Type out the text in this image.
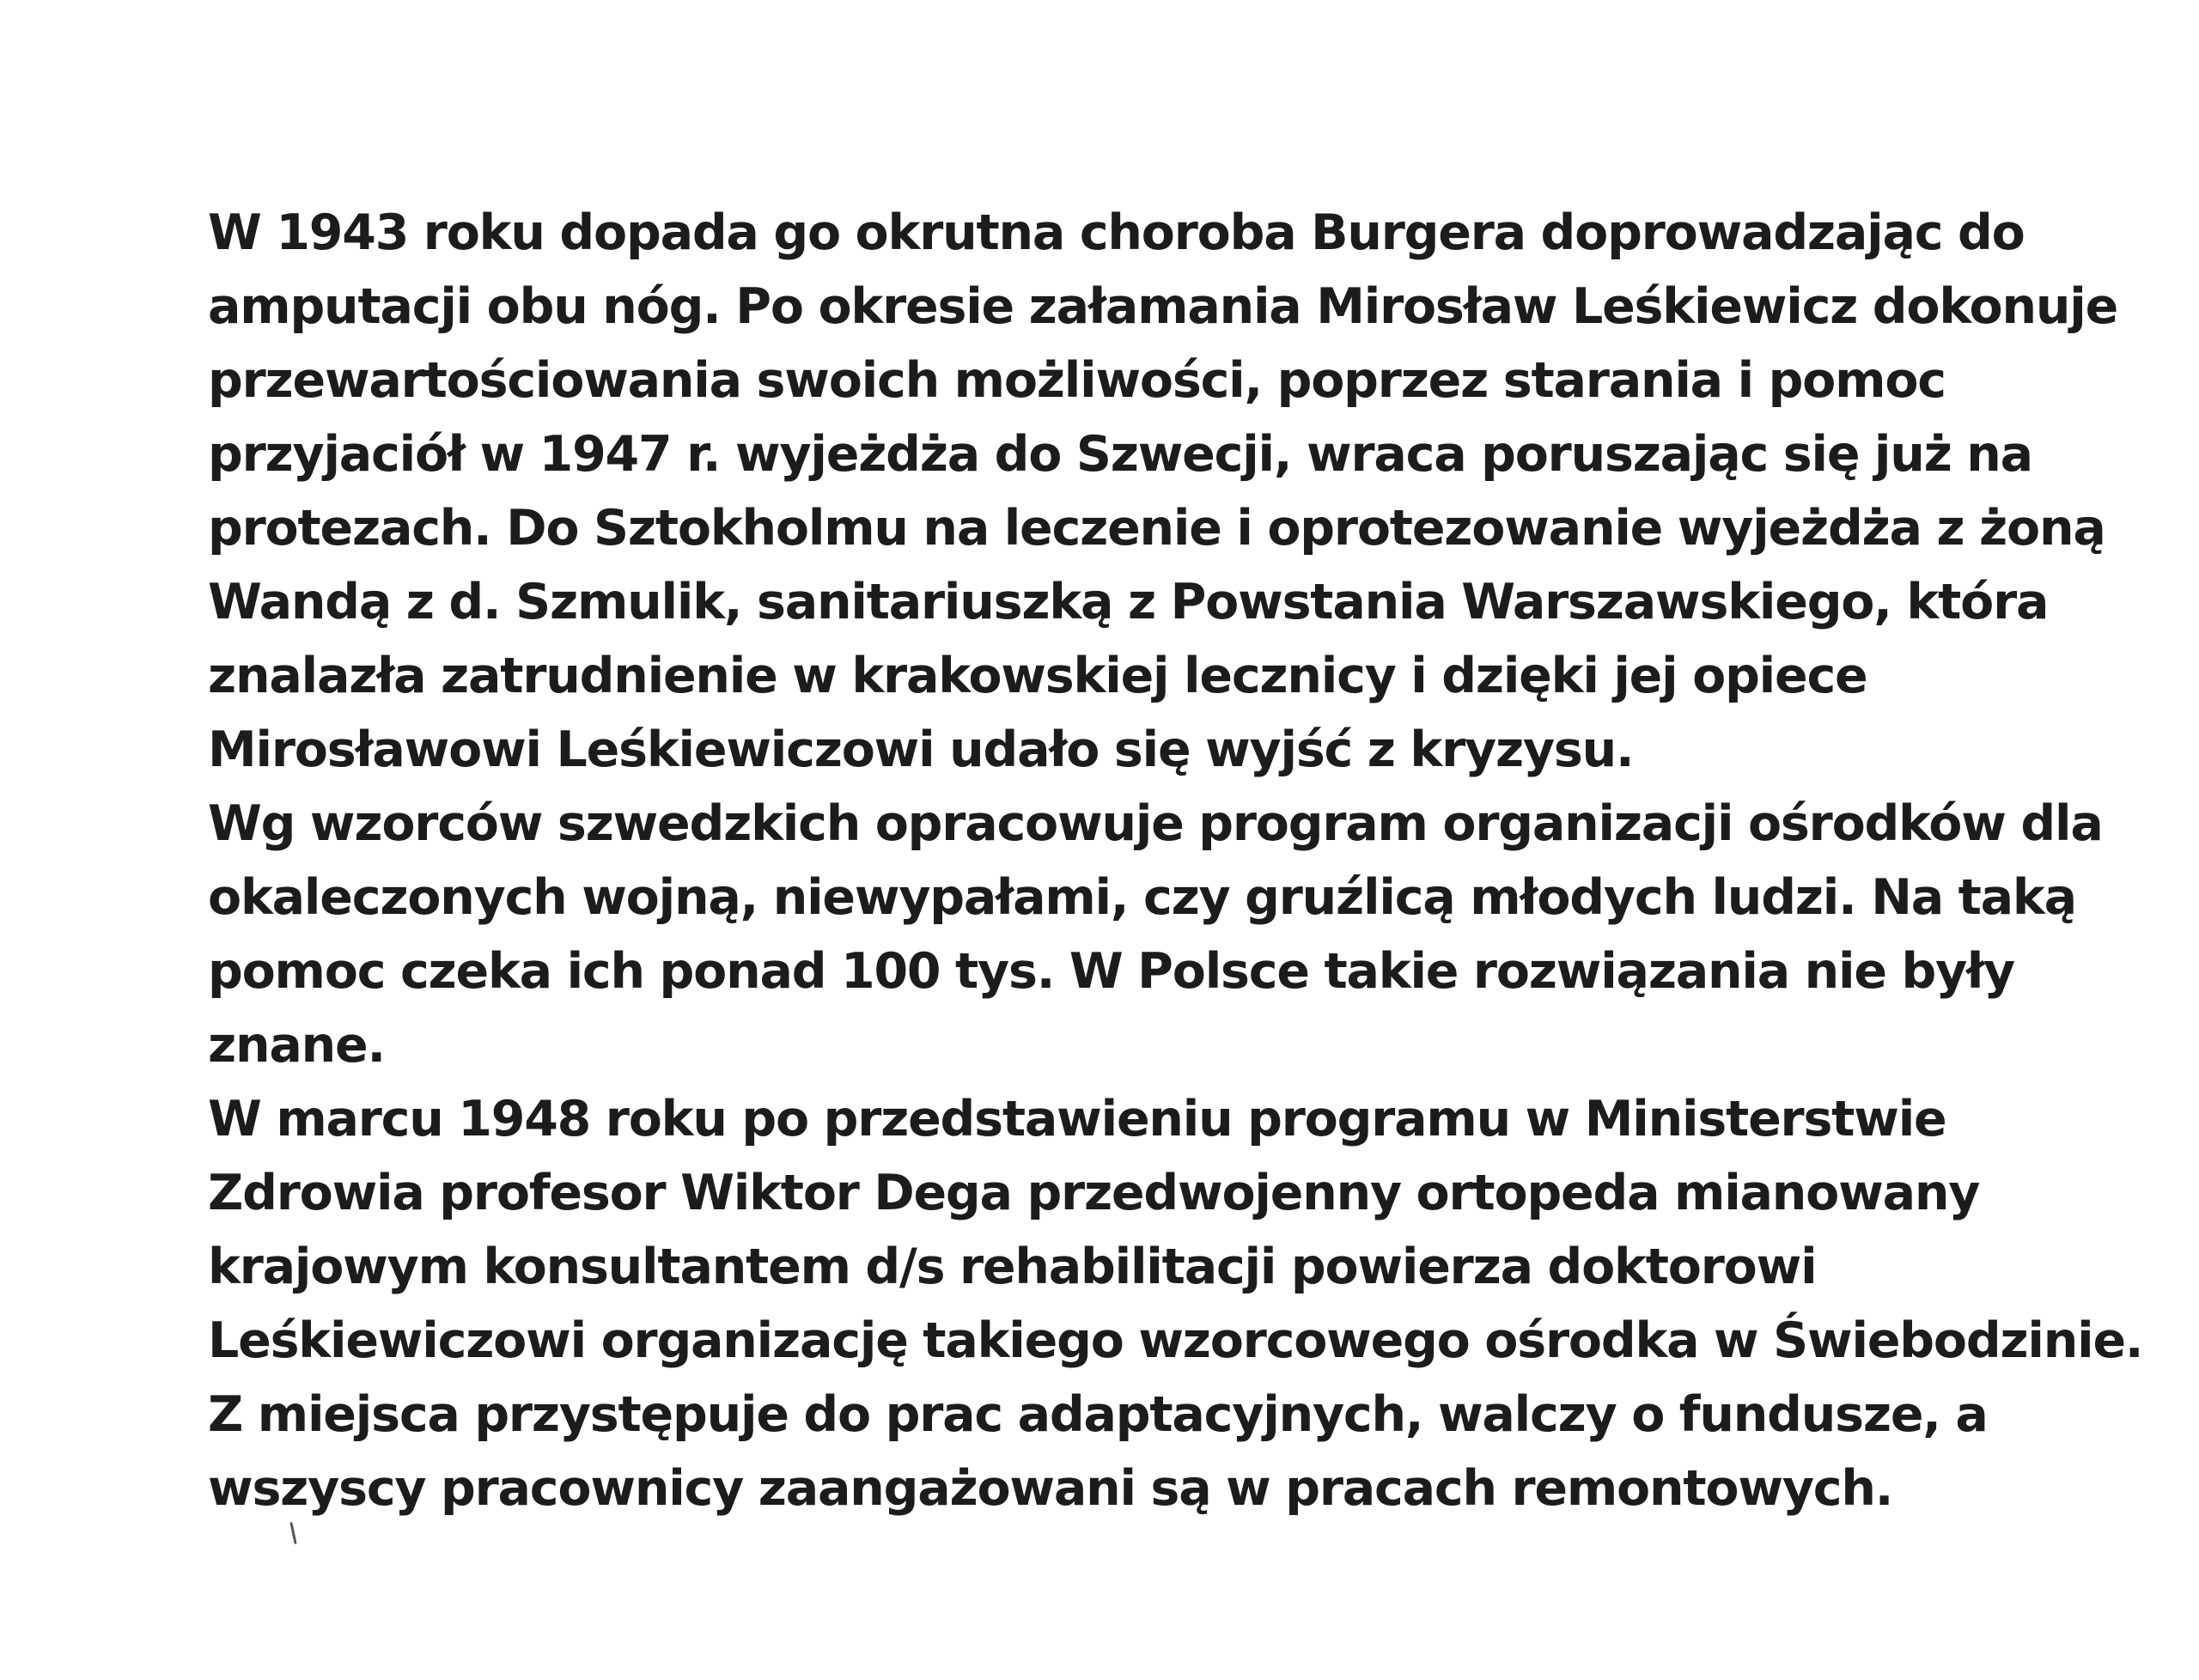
W 1943 roku dopada go okrutna choroba Burgera doprowadzając do
amputacji obu nóg. Po okresie załamania Mirosław Leśkiewicz dokonuje
przewartościowania swoich możliwości, poprzez starania i pomoc
przyjaciół w 1947 r. wyjeżdża do Szwecji, wraca poruszając się już na
protezach. Do Sztokholmu na leczenie i oprotezowanie wyjeżdża z żoną
Wandą z d. Szmulik, sanitariuszką z Powstania Warszawskiego, która
znalazła zatrudnienie w krakowskiej lecznicy i dzięki jej opiece
Mirosławowi Leśkiewiczowi udało się wyjść z kryzysu.
Wg wzorców szwedzkich opracowuje program organizacji ośrodków dla
okaleczonych wojną, niewypałami, czy gruźlicą młodych ludzi. Na taką
pomoc czeka ich ponad 100 tys. W Polsce takie rozwiązania nie były
znane.
W marcu 1948 roku po przedstawieniu programu w Ministerstwie
Zdrowia profesor Wiktor Dega przedwojenny ortopeda mianowany
krajowym konsultantem d/s rehabilitacji powierza doktorowi
Leśkiewiczowi organizację takiego wzorcowego ośrodka w Świebodzinie.
Z miejsca przystępuje do prac adaptacyjnych, walczy o fundusze, a
wszyscy pracownicy zaangażowani są w pracach remontowych.
